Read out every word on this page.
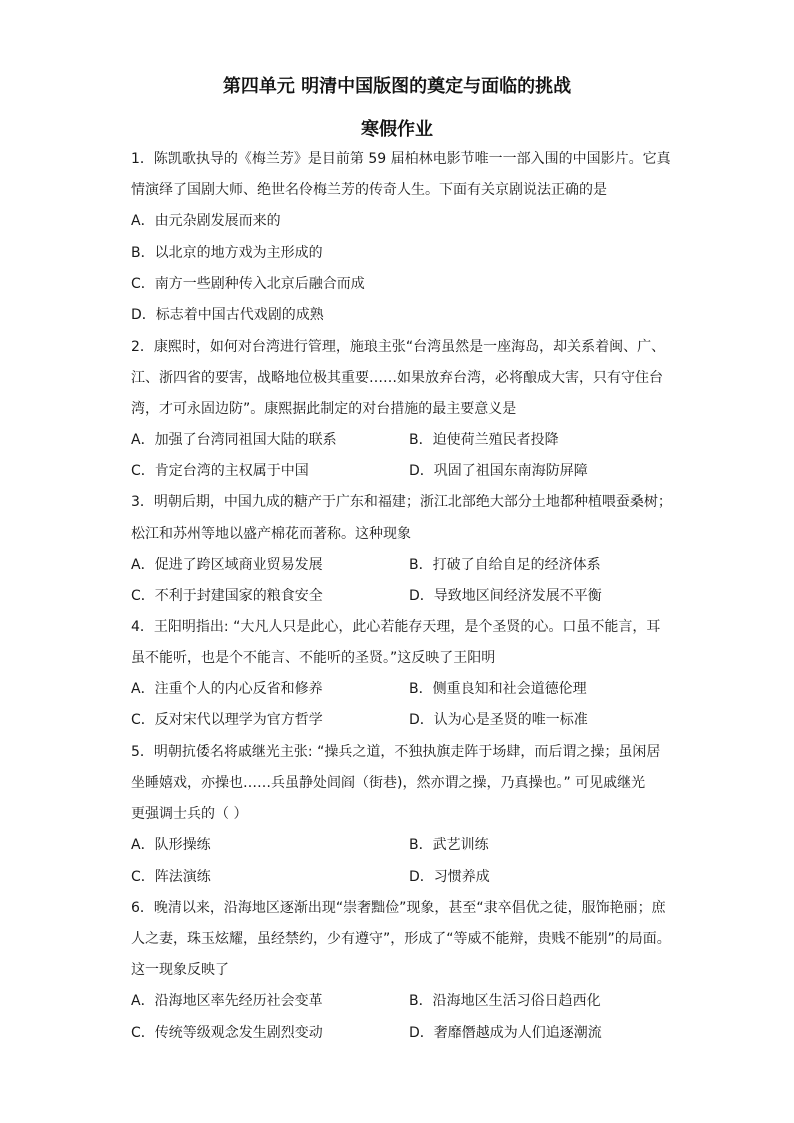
第四单元 明清中国版图的奠定与面临的挑战
寒假作业
1．陈凯歌执导的《梅兰芳》是目前第 59 届柏林电影节唯一一部入围的中国影片。它真
情演绎了国剧大师、绝世名伶梅兰芳的传奇人生。下面有关京剧说法正确的是
A．由元杂剧发展而来的
B．以北京的地方戏为主形成的
C．南方一些剧种传入北京后融合而成
D．标志着中国古代戏剧的成熟
2．康熙时，如何对台湾进行管理，施琅主张“台湾虽然是一座海岛，却关系着闽、广、
江、浙四省的要害，战略地位极其重要……如果放弃台湾，必将酿成大害，只有守住台
湾，才可永固边防”。康熙据此制定的对台措施的最主要意义是
A．加强了台湾同祖国大陆的联系	B．迫使荷兰殖民者投降
C．肯定台湾的主权属于中国	D．巩固了祖国东南海防屏障
3．明朝后期，中国九成的糖产于广东和福建；浙江北部绝大部分土地都种植喂蚕桑树；
松江和苏州等地以盛产棉花而著称。这种现象
A．促进了跨区域商业贸易发展	B．打破了自给自足的经济体系
C．不利于封建国家的粮食安全	D．导致地区间经济发展不平衡
4．王阳明指出: “大凡人只是此心，此心若能存天理，是个圣贤的心。口虽不能言，耳
虽不能听，也是个不能言、不能听的圣贤。”这反映了王阳明
A．注重个人的内心反省和修养	B．侧重良知和社会道德伦理
C．反对宋代以理学为官方哲学	D．认为心是圣贤的唯一标准
5．明朝抗倭名将戚继光主张: “操兵之道，不独执旗走阵于场肆，而后谓之操；虽闲居
坐睡嬉戏，亦操也……兵虽静处闾阎（街巷)，然亦谓之操，乃真操也。” 可见戚继光
更强调士兵的（ ）
A．队形操练	B．武艺训练
C．阵法演练	D．习惯养成
6．晚清以来，沿海地区逐渐出现“崇奢黜俭”现象，甚至“隶卒倡优之徒，服饰艳丽；庶
人之妻，珠玉炫耀，虽经禁约，少有遵守”，形成了“等威不能辩，贵贱不能别”的局面。
这一现象反映了
A．沿海地区率先经历社会变革	B．沿海地区生活习俗日趋西化
C．传统等级观念发生剧烈变动	D．奢靡僭越成为人们追逐潮流
